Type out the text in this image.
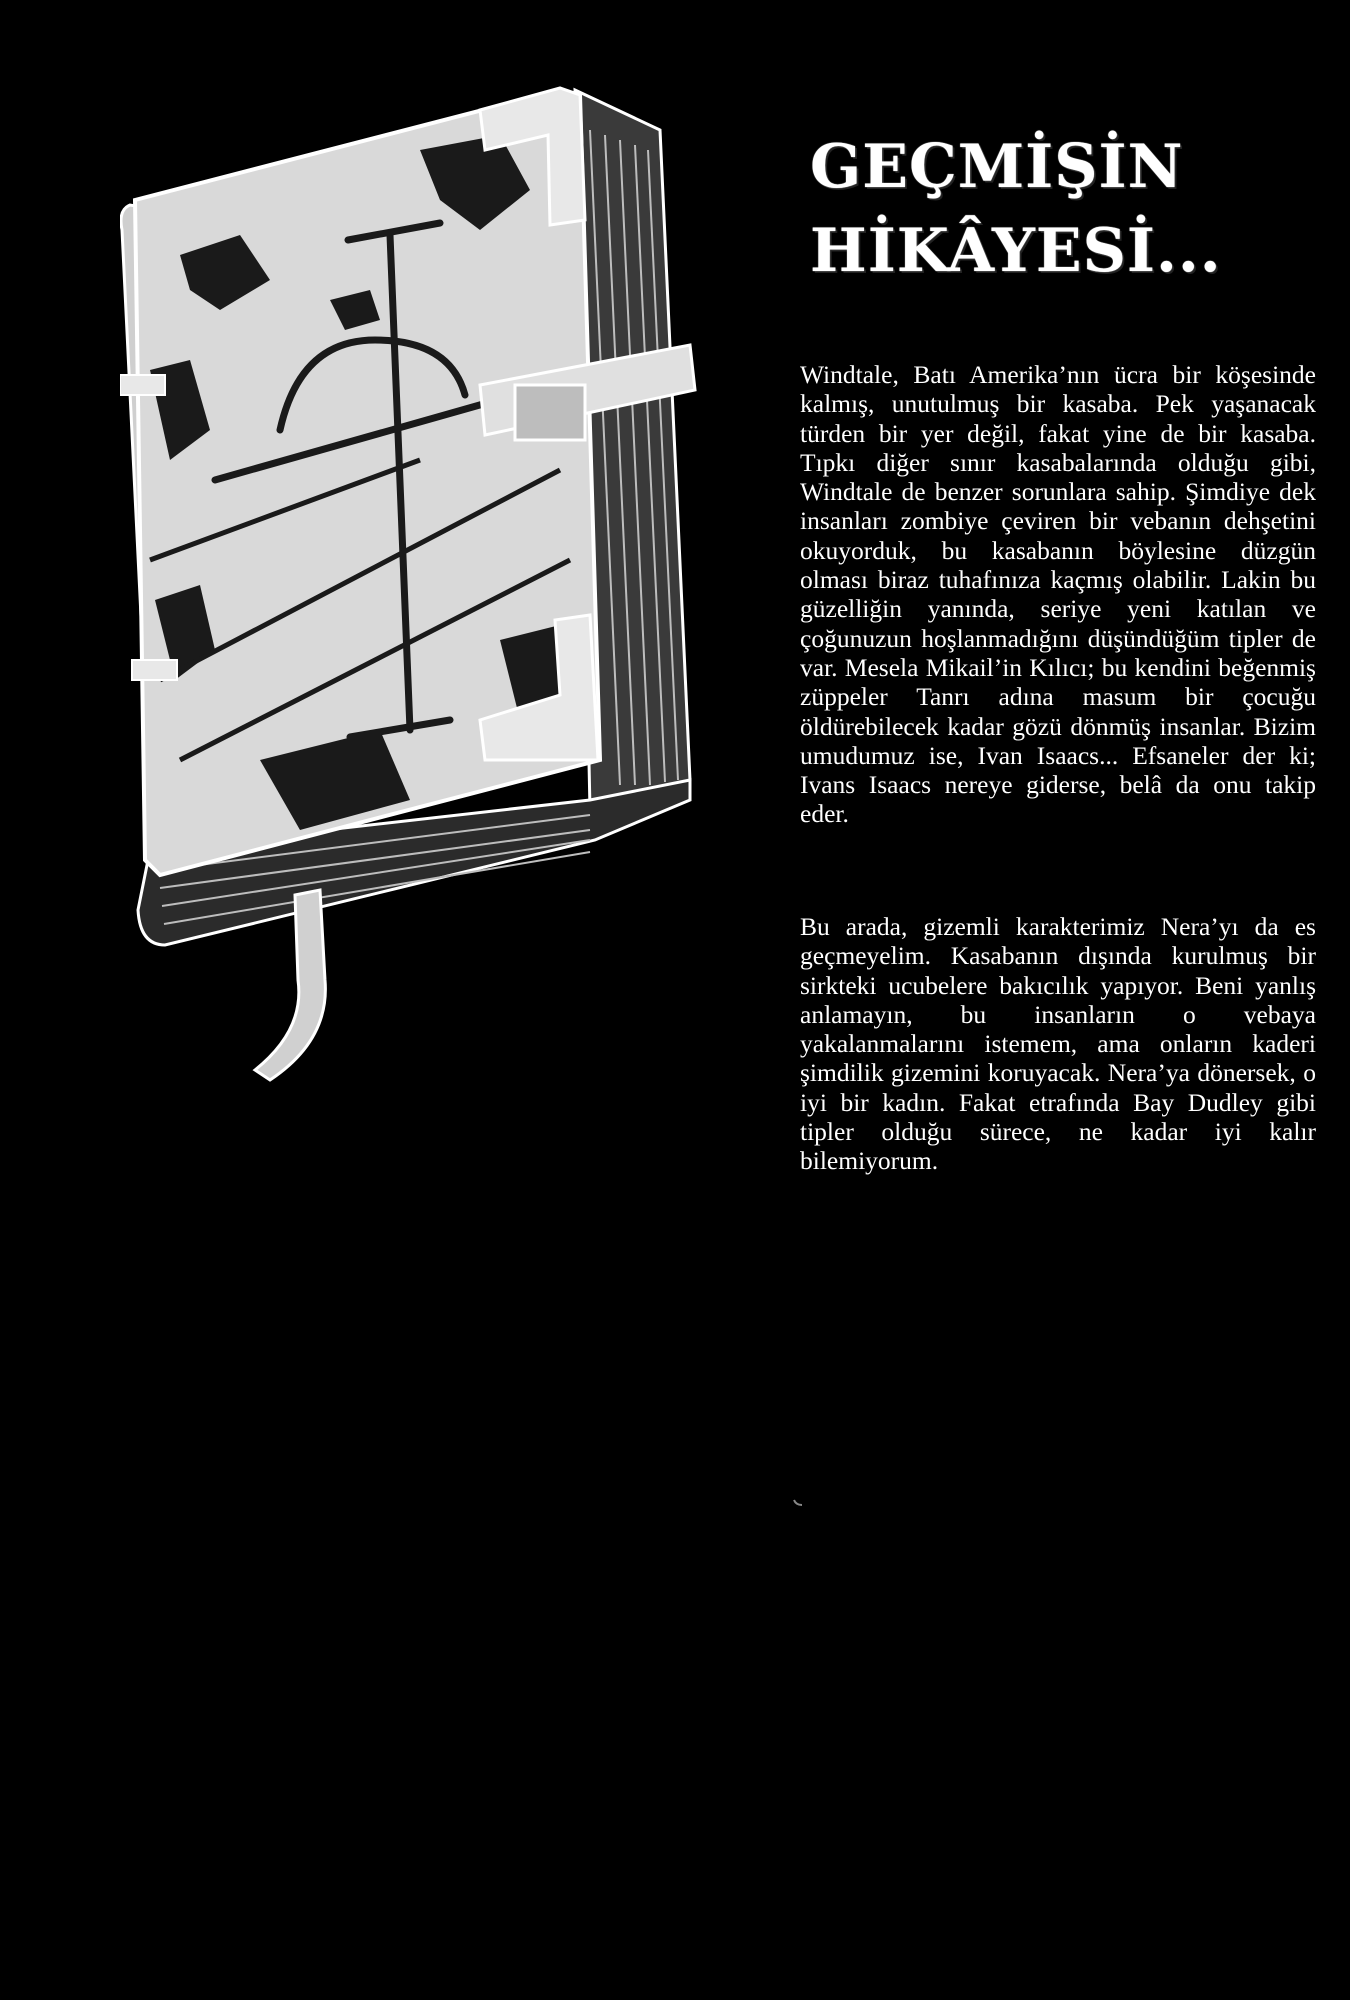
GEÇMİŞİN
HİKÂYESİ...

Windtale, Batı Amerika’nın ücra bir köşesinde kalmış, unutulmuş bir kasaba. Pek yaşanacak türden bir yer değil, fakat yine de bir kasaba. Tıpkı diğer sınır kasabalarında olduğu gibi, Windtale de benzer sorunlara sahip. Şimdiye dek insanları zombiye çeviren bir vebanın dehşetini okuyorduk, bu kasabanın böylesine düzgün olması biraz tuhafınıza kaçmış olabilir. Lakin bu güzelliğin yanında, seriye yeni katılan ve çoğunuzun hoşlanmadığını düşündüğüm tipler de var. Mesela Mikail’in Kılıcı; bu kendini beğenmiş züppeler Tanrı adına masum bir çocuğu öldürebilecek kadar gözü dönmüş insanlar. Bizim umudumuz ise, Ivan Isaacs... Efsaneler der ki; Ivans Isaacs nereye giderse, belâ da onu takip eder.

Bu arada, gizemli karakterimiz Nera’yı da es geçmeyelim. Kasabanın dışında kurulmuş bir sirkteki ucubelere bakıcılık yapıyor. Beni yanlış anlamayın, bu insanların o vebaya yakalanmalarını istemem, ama onların kaderi şimdilik gizemini koruyacak. Nera’ya dönersek, o iyi bir kadın. Fakat etrafında Bay Dudley gibi tipler olduğu sürece, ne kadar iyi kalır bilemiyorum.
